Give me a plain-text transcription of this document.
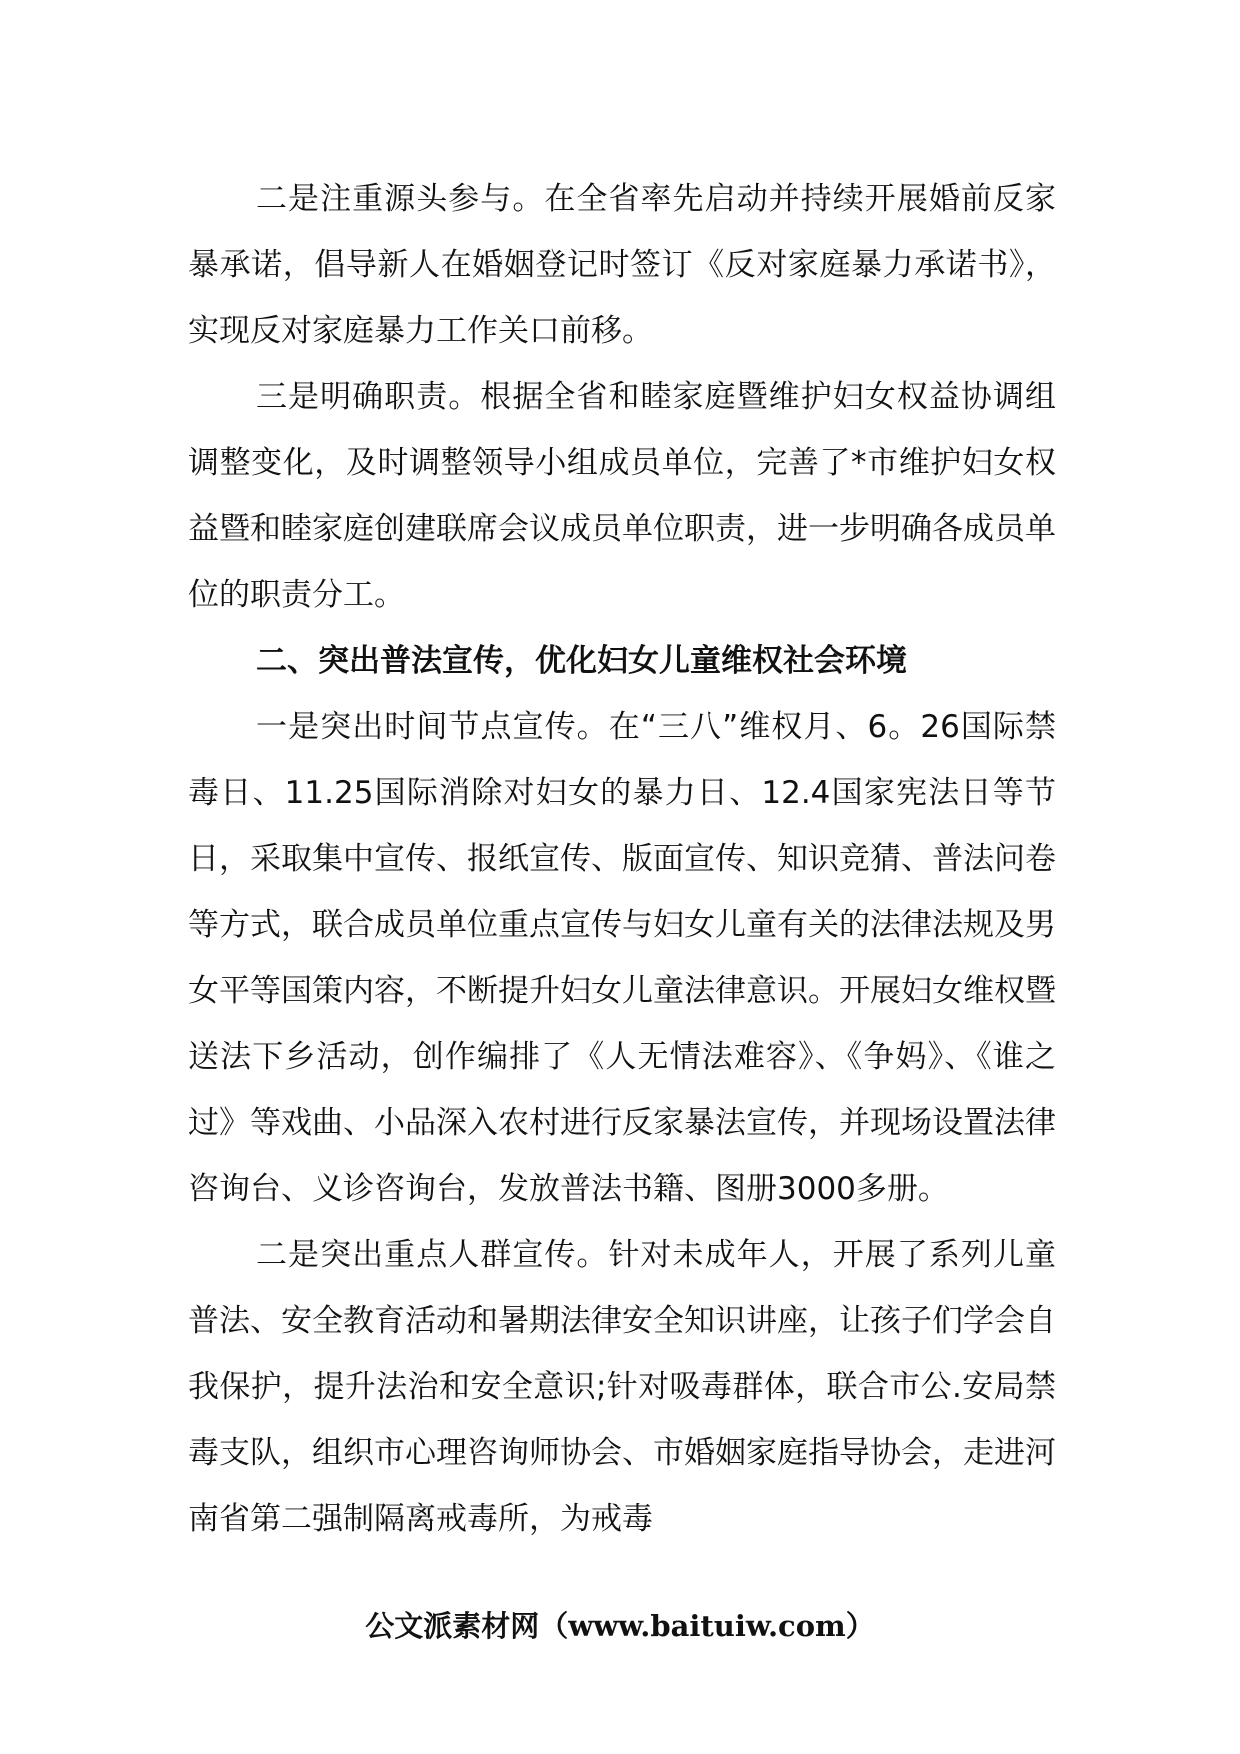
二是注重源头参与。在全省率先启动并持续开展婚前反家暴承诺，倡导新人在婚姻登记时签订《反对家庭暴力承诺书》，实现反对家庭暴力工作关口前移。

三是明确职责。根据全省和睦家庭暨维护妇女权益协调组调整变化，及时调整领导小组成员单位，完善了*市维护妇女权益暨和睦家庭创建联席会议成员单位职责，进一步明确各成员单位的职责分工。

二、突出普法宣传，优化妇女儿童维权社会环境

一是突出时间节点宣传。在“三八”维权月、6。26国际禁毒日、11.25国际消除对妇女的暴力日、12.4国家宪法日等节日，采取集中宣传、报纸宣传、版面宣传、知识竞猜、普法问卷等方式，联合成员单位重点宣传与妇女儿童有关的法律法规及男女平等国策内容，不断提升妇女儿童法律意识。开展妇女维权暨送法下乡活动，创作编排了《人无情法难容》、《争妈》、《谁之过》等戏曲、小品深入农村进行反家暴法宣传，并现场设置法律咨询台、义诊咨询台，发放普法书籍、图册3000多册。

二是突出重点人群宣传。针对未成年人，开展了系列儿童普法、安全教育活动和暑期法律安全知识讲座，让孩子们学会自我保护，提升法治和安全意识;针对吸毒群体，联合市公.安局禁毒支队，组织市心理咨询师协会、市婚姻家庭指导协会，走进河南省第二强制隔离戒毒所，为戒毒

公文派素材网（www.baituiw.com）
